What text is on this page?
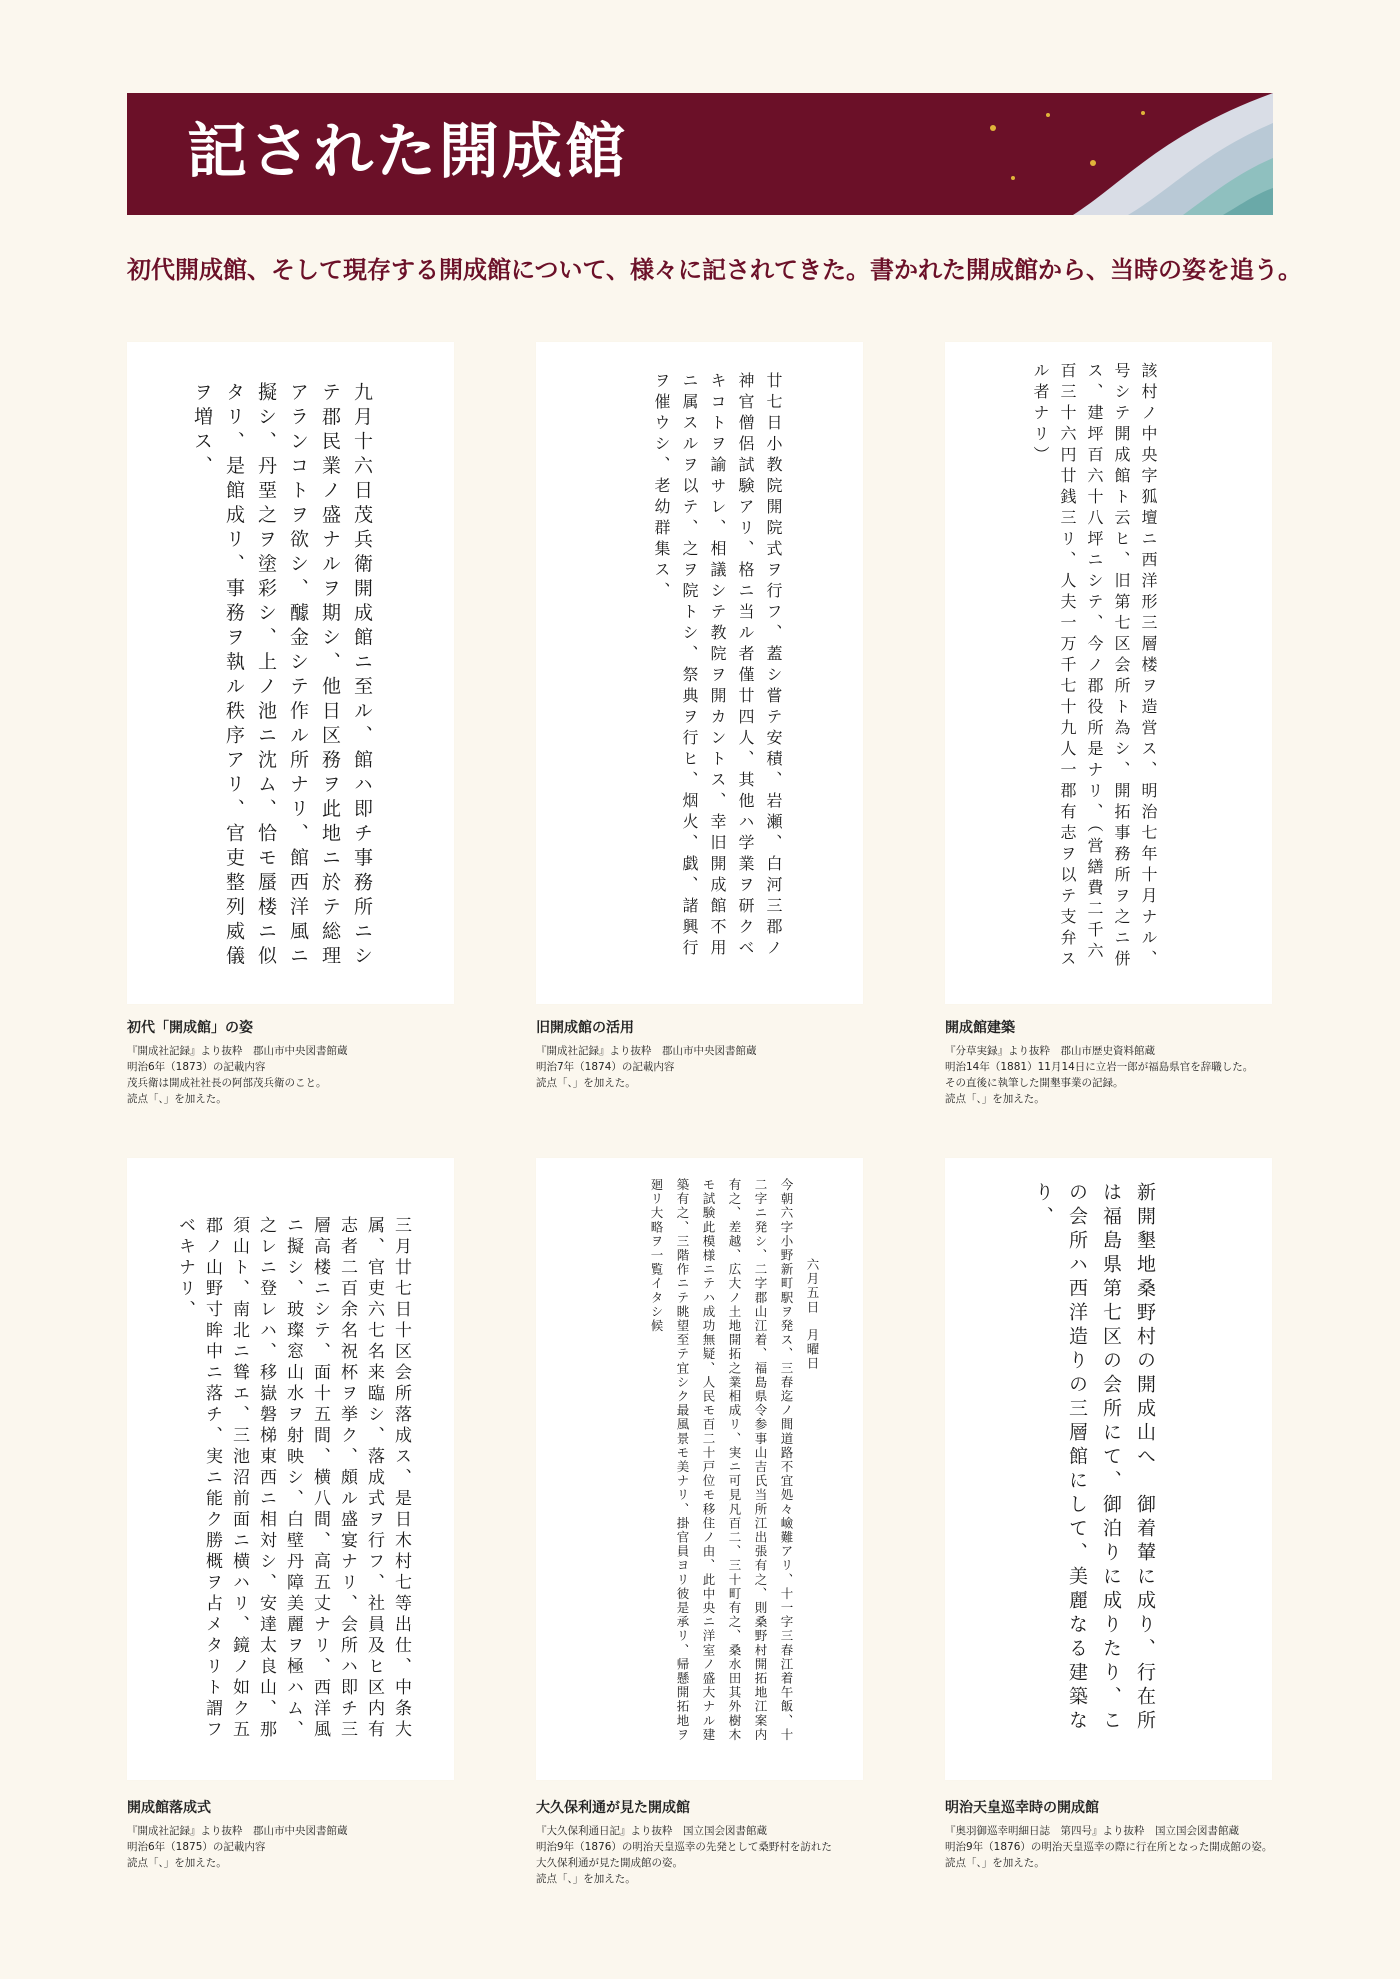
記された開成館
初代開成館、そして現存する開成館について、様々に記されてきた。書かれた開成館から、当時の姿を追う。

九月十六日茂兵衛開成館ニ至ル、館ハ即チ事務所ニシテ郡民業ノ盛ナルヲ期シ、他日区務ヲ此地ニ於テ総理アランコトヲ欲シ、醵金シテ作ル所ナリ、館西洋風ニ擬シ、丹堊之ヲ塗彩シ、上ノ池ニ沈ム、恰モ蜃楼ニ似タリ、是館成リ、事務ヲ執ル秩序アリ、官吏整列威儀ヲ増ス、

初代「開成館」の姿
『開成社記録』より抜粋　郡山市中央図書館蔵
明治6年（1873）の記載内容
茂兵衛は開成社社長の阿部茂兵衛のこと。
読点「、」を加えた。

廿七日小教院開院式ヲ行フ、蓋シ嘗テ安積、岩瀬、白河三郡ノ神官僧侶試験アリ、格ニ当ル者僅廿四人、其他ハ学業ヲ研クベキコトヲ諭サレ、相議シテ教院ヲ開カントス、幸旧開成館不用ニ属スルヲ以テ、之ヲ院トシ、祭典ヲ行ヒ、烟火、戯、諸興行ヲ催ウシ、老幼群集ス、

旧開成館の活用
『開成社記録』より抜粋　郡山市中央図書館蔵
明治7年（1874）の記載内容
読点「、」を加えた。

該村ノ中央字狐壇ニ西洋形三層楼ヲ造営ス、明治七年十月ナル、号シテ開成館ト云ヒ、旧第七区会所ト為シ、開拓事務所ヲ之ニ併ス、建坪百六十八坪ニシテ、今ノ郡役所是ナリ、（営繕費二千六百三十六円廿銭三リ、人夫一万千七十九人一郡有志ヲ以テ支弁スル者ナリ）

開成館建築
『分草実録』より抜粋　郡山市歴史資料館蔵
明治14年（1881）11月14日に立岩一郎が福島県官を辞職した。
その直後に執筆した開墾事業の記録。
読点「、」を加えた。

三月廿七日十区会所落成ス、是日木村七等出仕、中条大属、官吏六七名来臨シ、落成式ヲ行フ、社員及ヒ区内有志者二百余名祝杯ヲ挙ク、頗ル盛宴ナリ、会所ハ即チ三層高楼ニシテ、面十五間、横八間、高五丈ナリ、西洋風ニ擬シ、玻璨窓山水ヲ射映シ、白壁丹障美麗ヲ極ハム、之レニ登レハ、移嶽磐梯東西ニ相対シ、安達太良山、那須山ト、南北ニ聳エ、三池沼前面ニ横ハリ、鏡ノ如ク五郡ノ山野寸眸中ニ落チ、実ニ能ク勝概ヲ占メタリト謂フベキナリ、

開成館落成式
『開成社記録』より抜粋　郡山市中央図書館蔵
明治6年（1875）の記載内容
読点「、」を加えた。

六月五日　月曜日
今朝六字小野新町駅ヲ発ス、三春迄ノ間道路不宜処々嶮難アリ、十一字三春江着午飯、十二字ニ発シ、二字郡山江着、福島県令参事山吉氏当所江出張有之、則桑野村開拓地江案内有之、差越、広大ノ土地開拓之業相成リ、実ニ可見凡百二、三十町有之、桑水田其外樹木モ試験此模様ニテハ成功無疑、人民モ百二十戸位モ移住ノ由、此中央ニ洋室ノ盛大ナル建築有之、三階作ニテ眺望至テ宜シク最風景モ美ナリ、掛官員ヨリ彼是承リ、帰懸開拓地ヲ廻リ大略ヲ一覧イタシ候

大久保利通が見た開成館
『大久保利通日記』より抜粋　国立国会図書館蔵
明治9年（1876）の明治天皇巡幸の先発として桑野村を訪れた
大久保利通が見た開成館の姿。
読点「、」を加えた。

新開墾地桑野村の開成山へ　御着輦に成り、行在所は福島県第七区の会所にて、御泊りに成りたり、この会所ハ西洋造りの三層館にして、美麗なる建築なり、

明治天皇巡幸時の開成館
『奥羽御巡幸明細日誌　第四号』より抜粋　国立国会図書館蔵
明治9年（1876）の明治天皇巡幸の際に行在所となった開成館の姿。
読点「、」を加えた。
